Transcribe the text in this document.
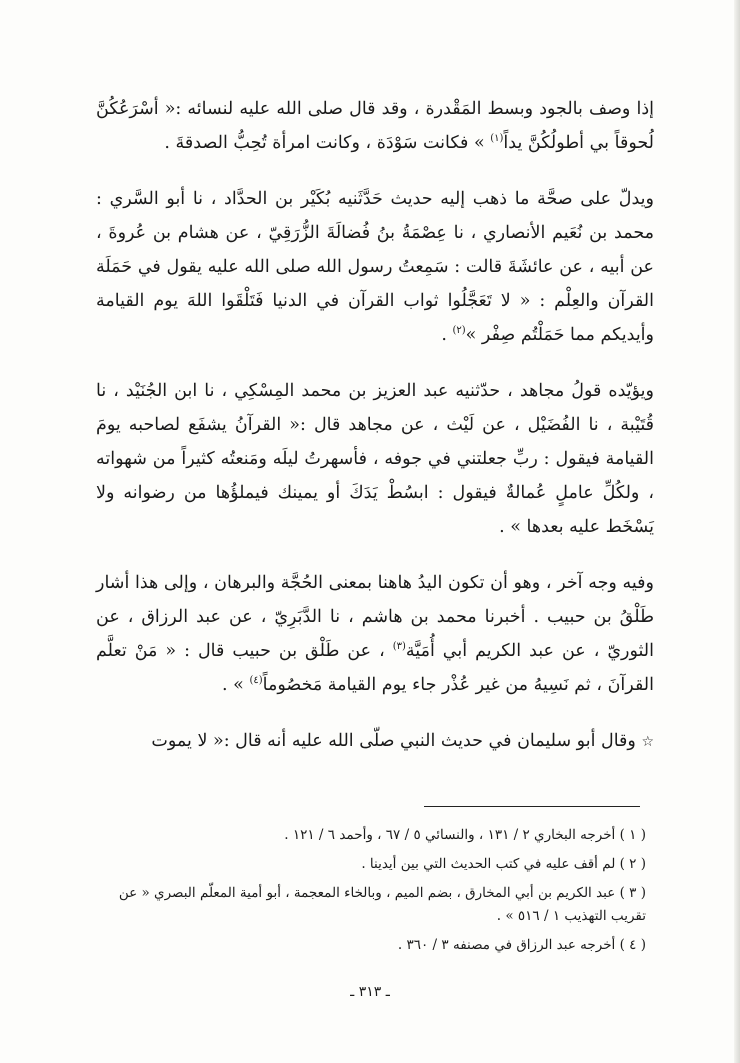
إذا وصف بالجود وبسط المَقْدرة ، وقد قال صلى الله عليه لنسائه :« أسْرَعُكُنَّ لُحوقاً بي أطولُكُنَّ يداً$^{(١)}$ » فكانت سَوْدَة ، وكانت امرأة تُحِبُّ الصدقةَ .

ويدلّ على صحَّة ما ذهب إليه حديث حَدَّثَنيه بُكَيْر بن الحدَّاد ، نا أبو السَّري : محمد بن نُعَيم الأنصاري ، نا عِصْمَةُ بنُ فُضالَةَ الزُّرَقِيّ ، عن هشام بن عُروةَ ، عن أبيه ، عن عائشَةَ قالت : سَمِعتُ رسول الله صلى الله عليه يقول في حَمَلَة القرآن والعِلْم : « لا تَعَجَّلُوا ثواب القرآن في الدنيا فَتَلْقَوا اللهَ يوم القيامة وأيديكم مما حَمَلْتُم صِفْر »$^{(٢)}$ .

ويؤيّده قولُ مجاهد ، حدّثنيه عبد العزيز بن محمد المِسْكِي ، نا ابن الجُنَيْد ، نا قُتَيْبة ، نا الفُضَيْل ، عن لَيْث ، عن مجاهد قال :« القرآنُ يشفَع لصاحبه يومَ القيامة فيقول : ربِّ جعلتني في جوفه ، فأسهرتُ ليلَه ومَنعتُه كثيراً من شهواته ، ولكُلِّ عاملٍ عُمالةٌ فيقول : ابسُطْ يَدَكَ أو يمينك فيملؤُها من رضوانه ولا يَسْخَط عليه بعدها » .

وفيه وجه آخر ، وهو أن تكون اليدُ هاهنا بمعنى الحُجَّة والبرهان ، وإلى هذا أشار طَلْقُ بن حبيب . أخبرنا محمد بن هاشم ، نا الدَّبَرِيّ ، عن عبد الرزاق ، عن الثوريّ ، عن عبد الكريم أبي أُمَيَّة$^{(٣)}$ ، عن طَلْق بن حبيب قال : « مَنْ تعلَّم القرآنَ ، ثم نَسِيهُ من غير عُذْر جاء يوم القيامة مَخصُوماً$^{(٤)}$ » .

☆ وقال أبو سليمان في حديث النبي صلّى الله عليه أنه قال :« لا يموت

( ١ ) أخرجه البخاري ٢ / ١٣١ ، والنسائي ٥ / ٦٧ ، وأحمد ٦ / ١٢١ .

( ٢ ) لم أقف عليه في كتب الحديث التي بين أيدينا .

( ٣ ) عبد الكريم بن أبي المخارق ، بضم الميم ، وبالخاء المعجمة ، أبو أمية المعلّم البصري « عن تقريب التهذيب ١ / ٥١٦ » .

( ٤ ) أخرجه عبد الرزاق في مصنفه ٣ / ٣٦٠ .

ـ ٣١٣ ـ
